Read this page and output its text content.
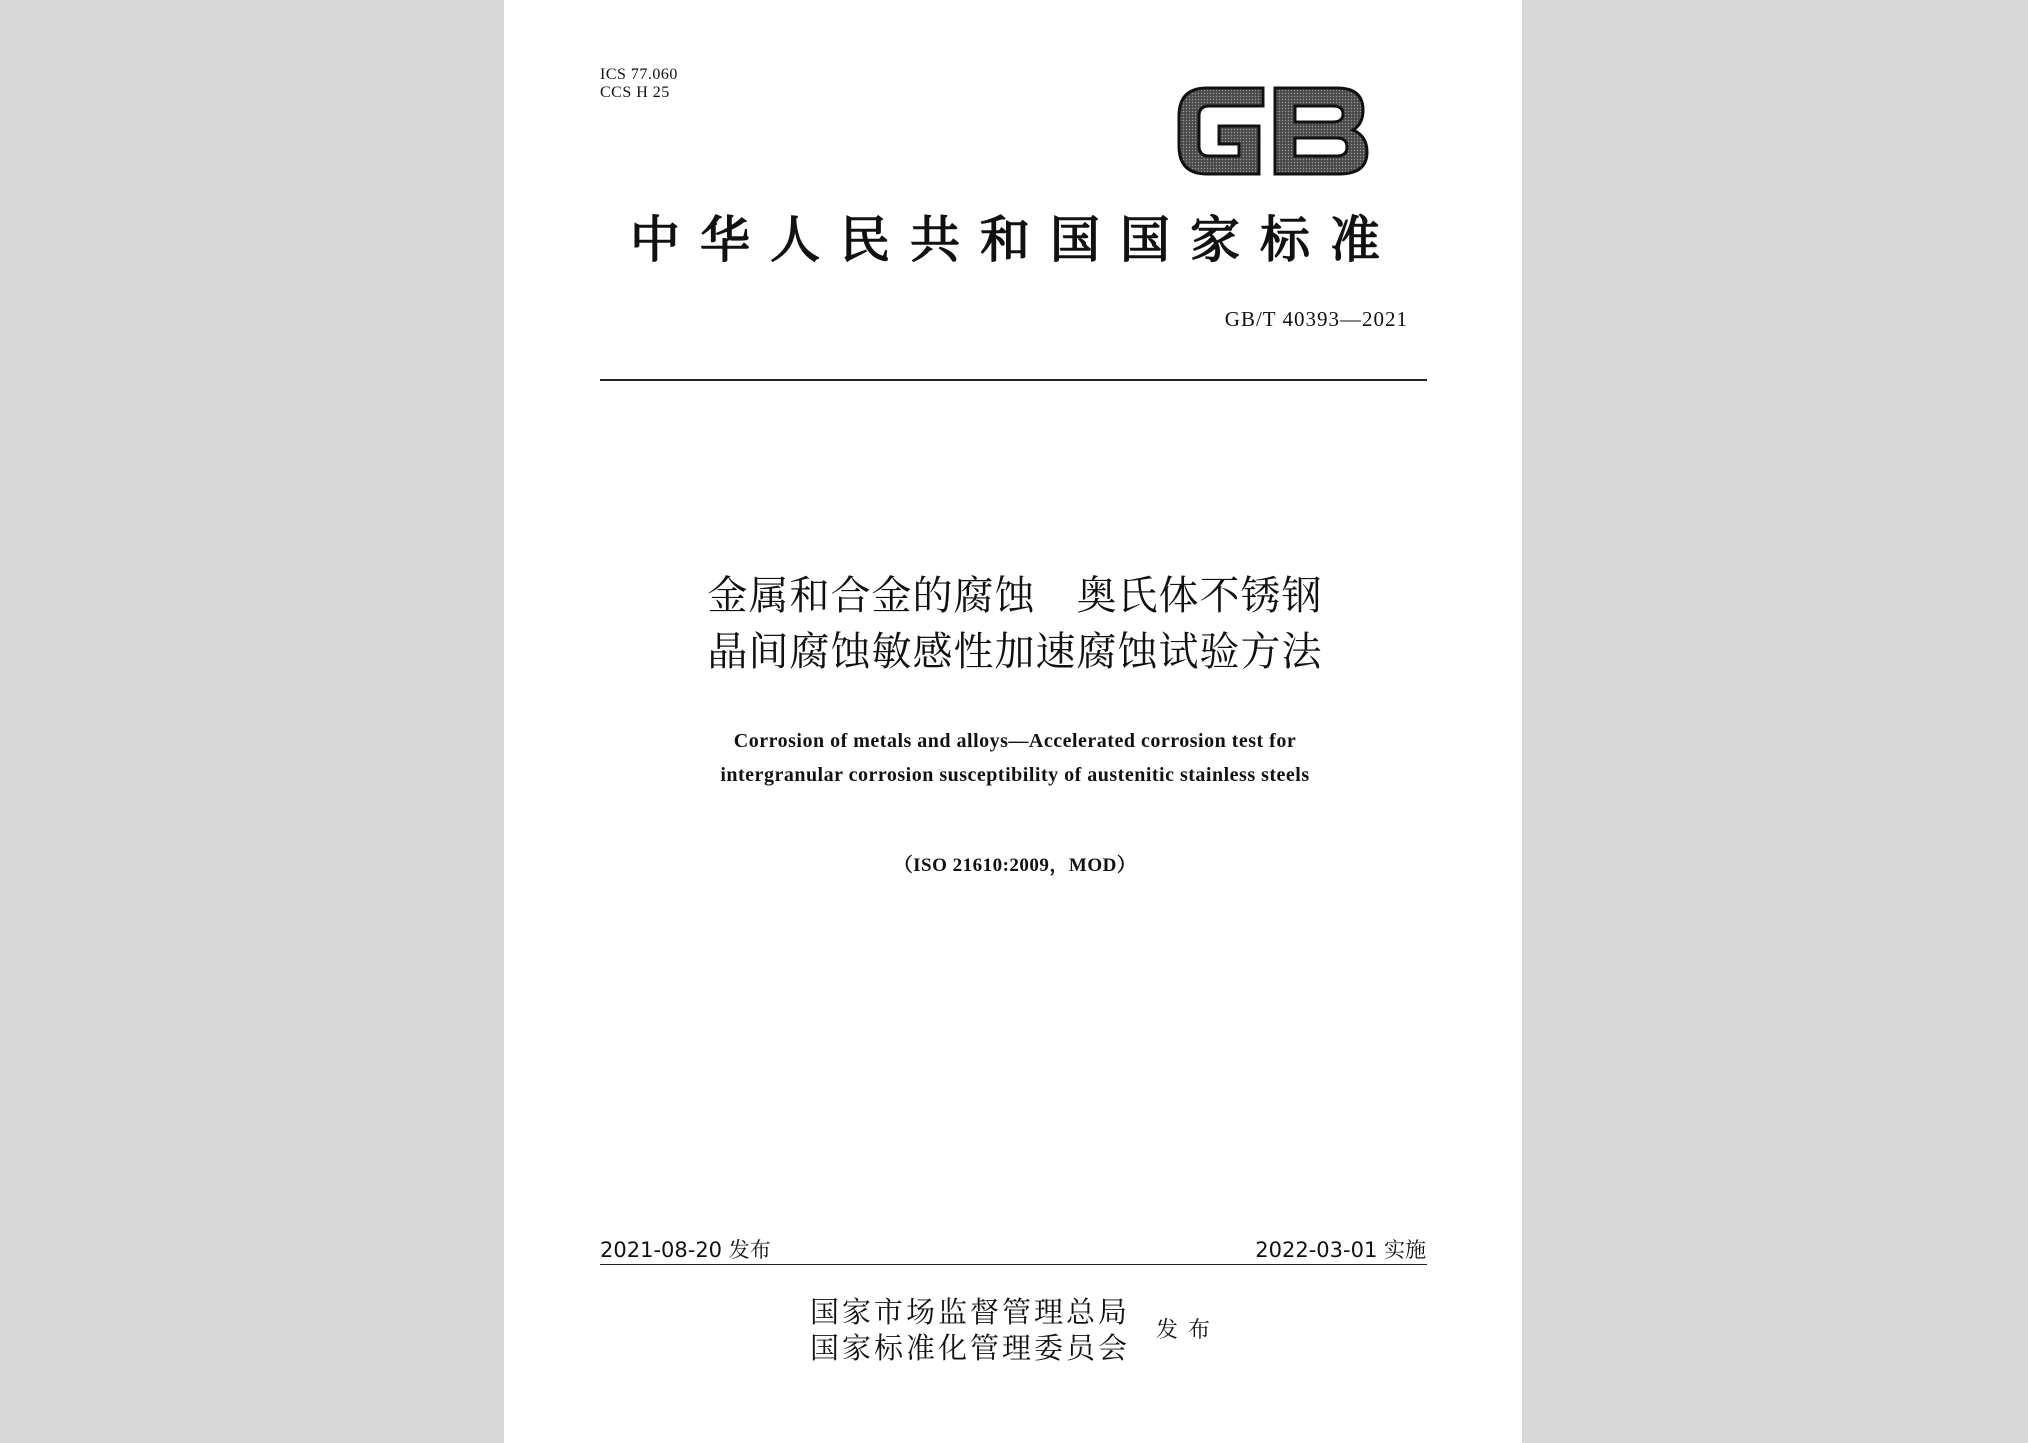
ICS 77.060
CCS H 25
中华人民共和国国家标准
GB/T 40393—2021
金属和合金的腐蚀　奥氏体不锈钢
晶间腐蚀敏感性加速腐蚀试验方法
Corrosion of metals and alloys—Accelerated corrosion test for
intergranular corrosion susceptibility of austenitic stainless steels
（ISO 21610:2009，MOD）
2021-08-20 发布	2022-03-01 实施
国家市场监督管理总局
国家标准化管理委员会
发布
